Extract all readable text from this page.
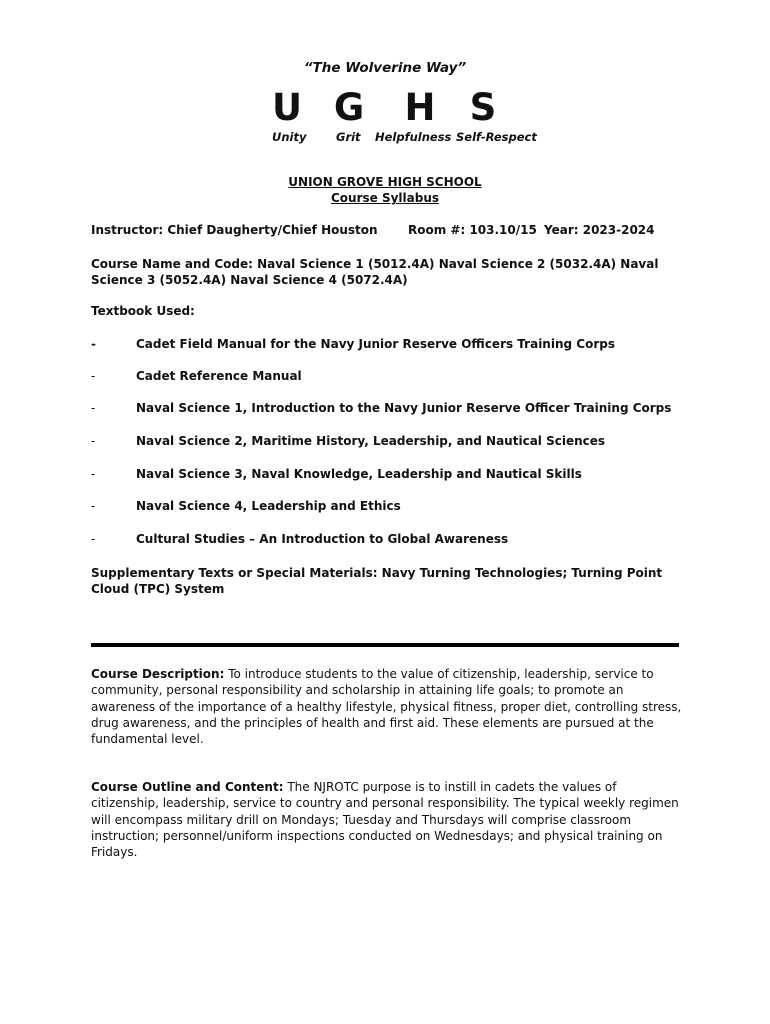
“The Wolverine Way”
U G H S
Unity	Grit Helpfulness Self-Respect
UNION GROVE HIGH SCHOOL
Course Syllabus
Instructor: Chief Daugherty/Chief Houston	Room #: 103.10/15 Year: 2023-2024
Course Name and Code: Naval Science 1 (5012.4A) Naval Science 2 (5032.4A) Naval Science 3 (5052.4A) Naval Science 4 (5072.4A)
Textbook Used:
-	Cadet Field Manual for the Navy Junior Reserve Officers Training Corps
-	Cadet Reference Manual
-	Naval Science 1, Introduction to the Navy Junior Reserve Officer Training Corps
-	Naval Science 2, Maritime History, Leadership, and Nautical Sciences
-	Naval Science 3, Naval Knowledge, Leadership and Nautical Skills
-	Naval Science 4, Leadership and Ethics
-	Cultural Studies – An Introduction to Global Awareness
Supplementary Texts or Special Materials: Navy Turning Technologies; Turning Point Cloud (TPC) System
Course Description: To introduce students to the value of citizenship, leadership, service to community, personal responsibility and scholarship in attaining life goals; to promote an awareness of the importance of a healthy lifestyle, physical fitness, proper diet, controlling stress, drug awareness, and the principles of health and first aid. These elements are pursued at the fundamental level.
Course Outline and Content: The NJROTC purpose is to instill in cadets the values of citizenship, leadership, service to country and personal responsibility. The typical weekly regimen will encompass military drill on Mondays; Tuesday and Thursdays will comprise classroom instruction; personnel/uniform inspections conducted on Wednesdays; and physical training on Fridays.
